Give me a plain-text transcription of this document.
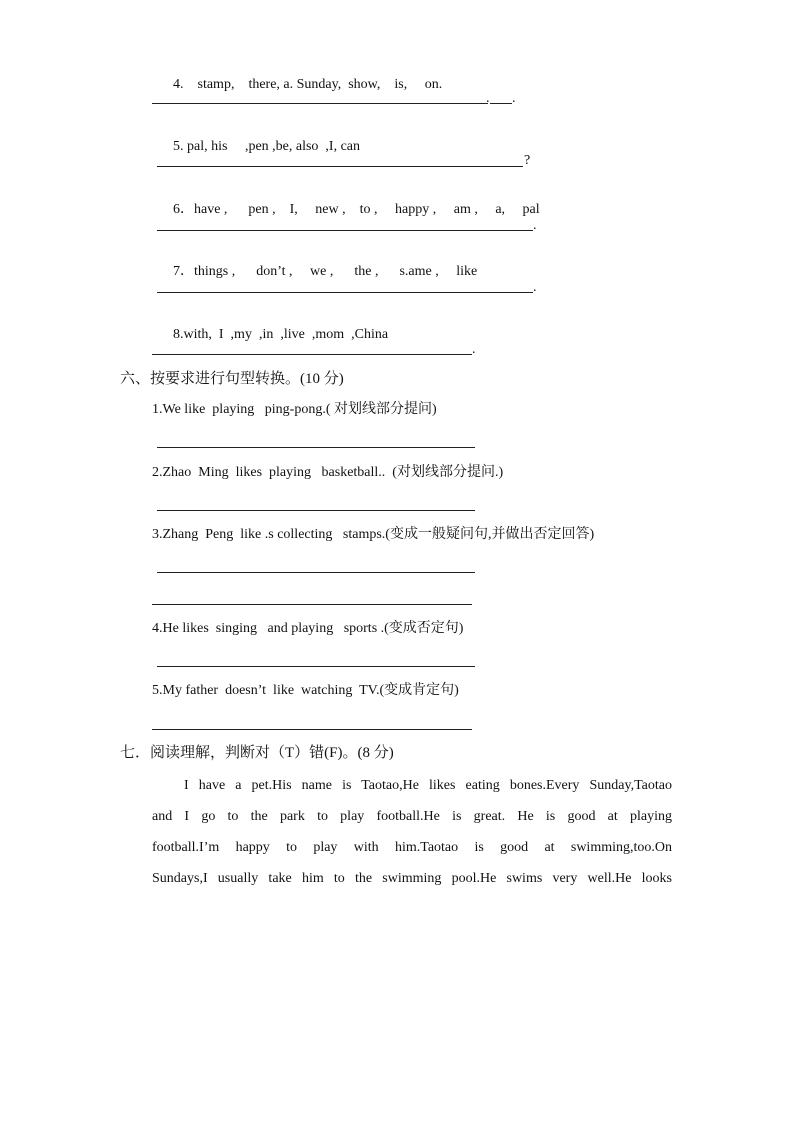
4. stamp,    there, a. Sunday,  show,    is,     on.

. .

5. pal, his     ,pen ,be, also  ,I, can

?

6．have ,      pen ,    I,     new ,    to ,     happy ,     am ,     a,     pal

.

7．things ,      don’t ,     we ,      the ,      s.ame ,     like

.

8.with,  I  ,my  ,in  ,live  ,mom  ,China

.
六、按要求进行句型转换。(10 分)
1.We like  playing   ping-pong.( 对划线部分提问)
2.Zhao  Ming  likes  playing   basketball..  (对划线部分提问.)
3.Zhang  Peng  like .s collecting   stamps.(变成一般疑问句,并做出否定回答)
4.He likes  singing   and playing   sports .(变成否定句)
5.My father  doesn’t  like  watching  TV.(变成肯定句)
七．阅读理解，判断对（T）错(F)。(8 分)
I have a pet.His name is Taotao,He likes eating bones.Every Sunday,Taotao
and I go to the park to play football.He is great. He is good at playing
football.I’m happy to play with him.Taotao is good at swimming,too.On
Sundays,I usually take him to the swimming pool.He swims very well.He looks
